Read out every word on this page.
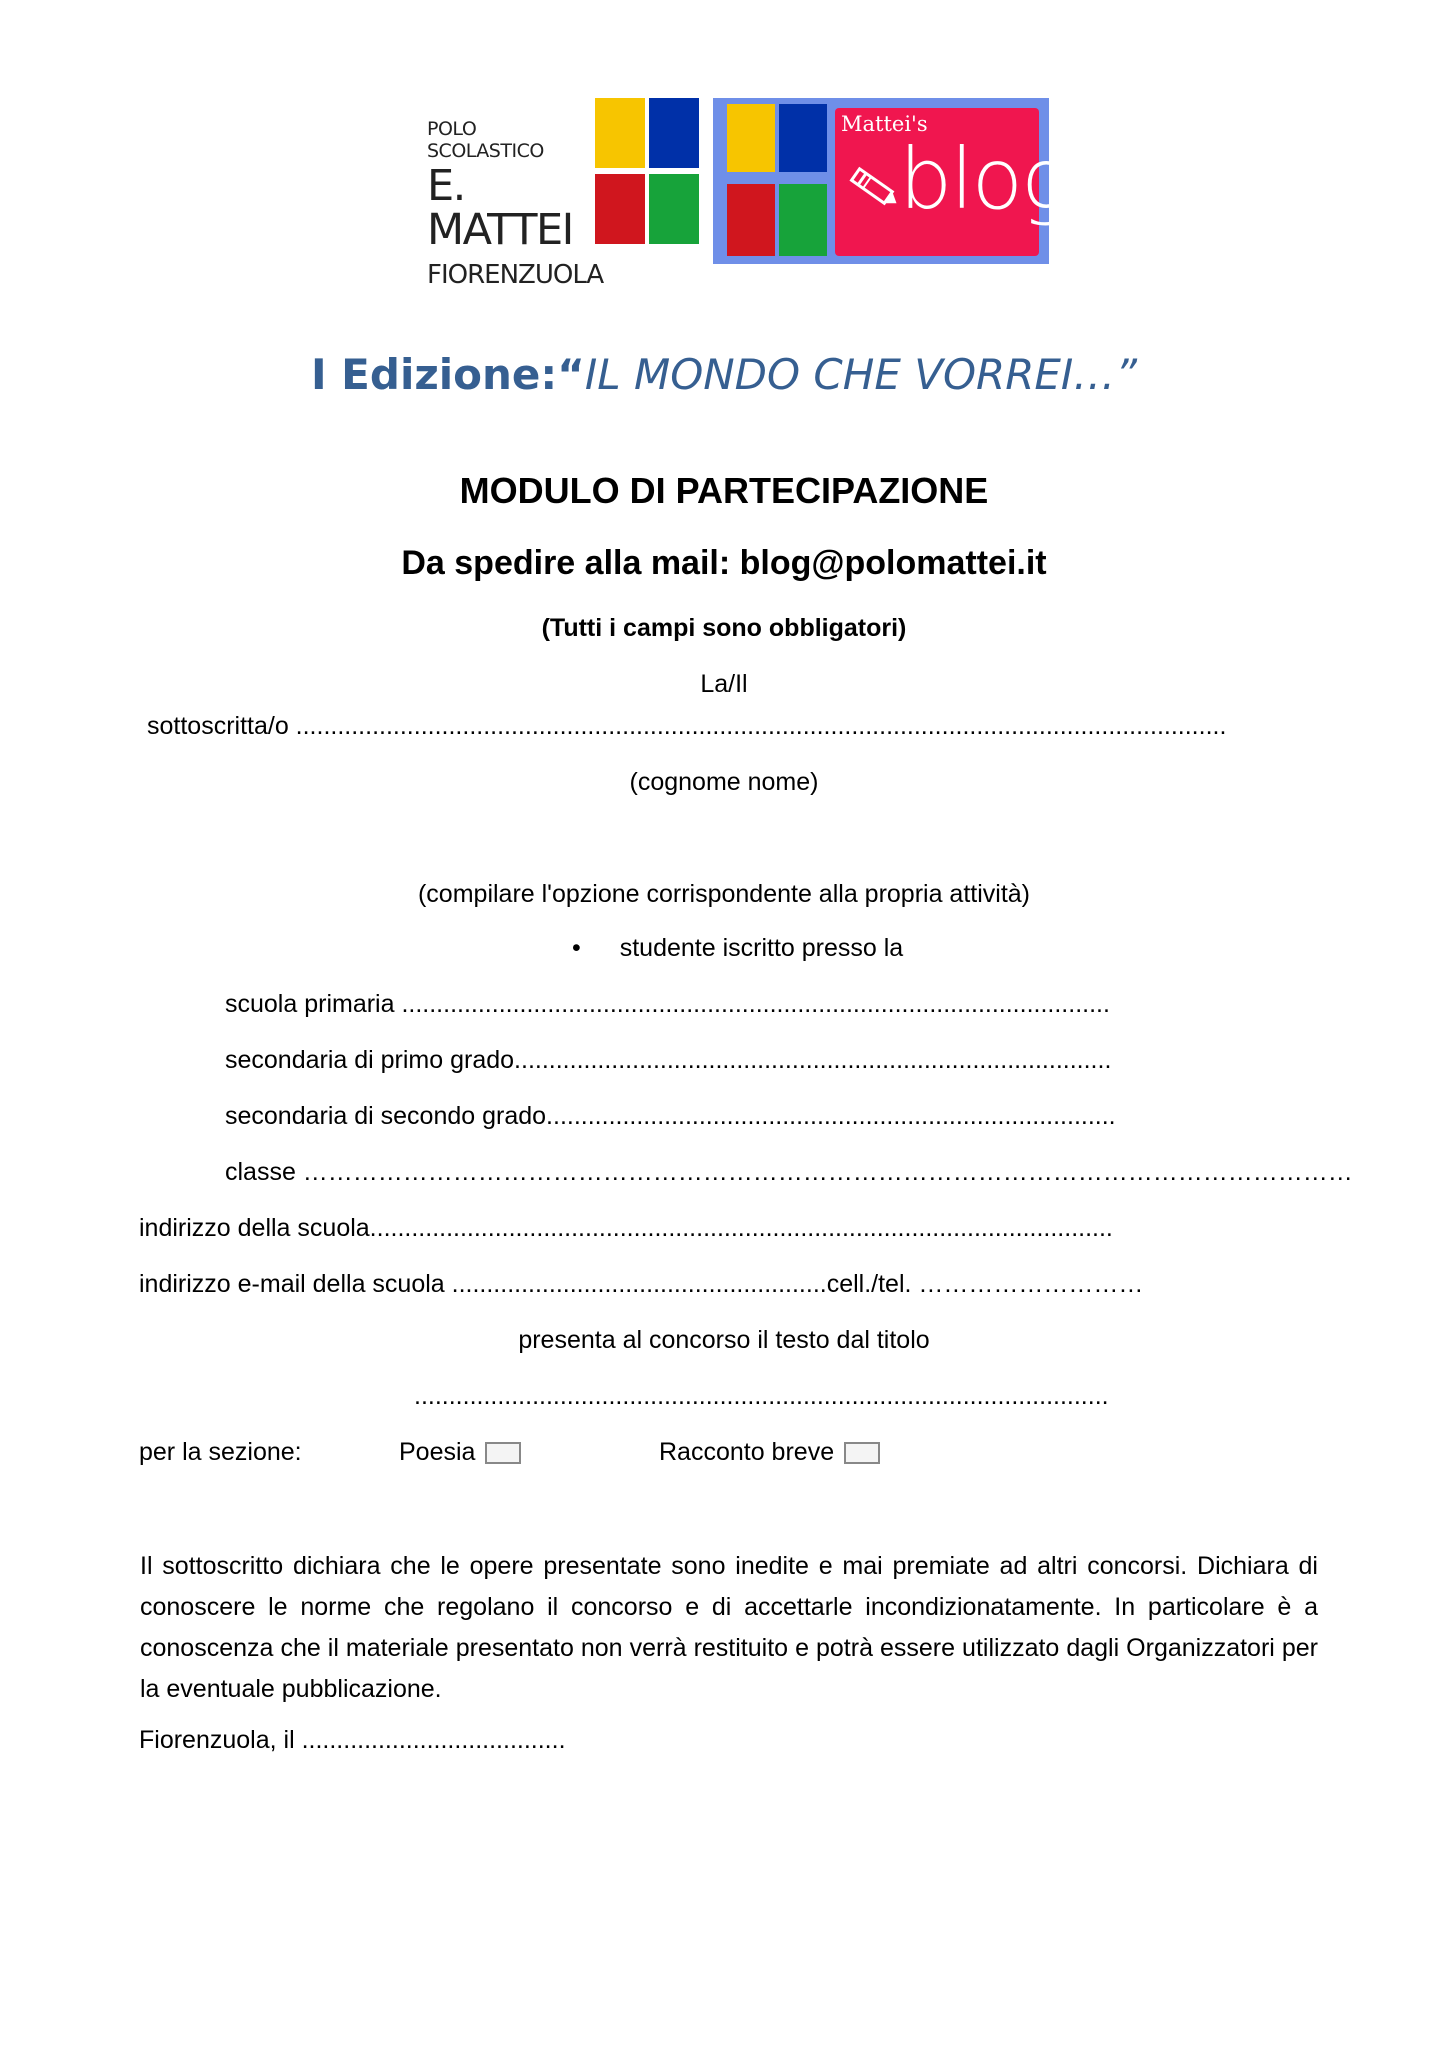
POLO SCOLASTICO
E. MATTEI
FIORENZUOLA
Mattei's
blog
I Edizione:“IL MONDO CHE VORREI…”
MODULO DI PARTECIPAZIONE
Da spedire alla mail: blog@polomattei.it
(Tutti i campi sono obbligatori)
La/Il
sottoscritta/o ......................................................................................................................................
(cognome nome)
(compilare l'opzione corrispondente alla propria attività)
• studente iscritto presso la
scuola primaria ......................................................................................................
secondaria di primo grado......................................................................................
secondaria di secondo grado..................................................................................
classe ………………………………………………………………………………………………………………
indirizzo della scuola...........................................................................................................
indirizzo e-mail della scuola ......................................................cell./tel. ………………………
presenta al concorso il testo dal titolo
....................................................................................................
per la sezione:	Poesia	Racconto breve
Il sottoscritto dichiara che le opere presentate sono inedite e mai premiate ad altri concorsi. Dichiara di conoscere le norme che regolano il concorso e di accettarle incondizionatamente. In particolare è a conoscenza che il materiale presentato non verrà restituito e potrà essere utilizzato dagli Organizzatori per la eventuale pubblicazione.
Fiorenzuola, il ......................................
